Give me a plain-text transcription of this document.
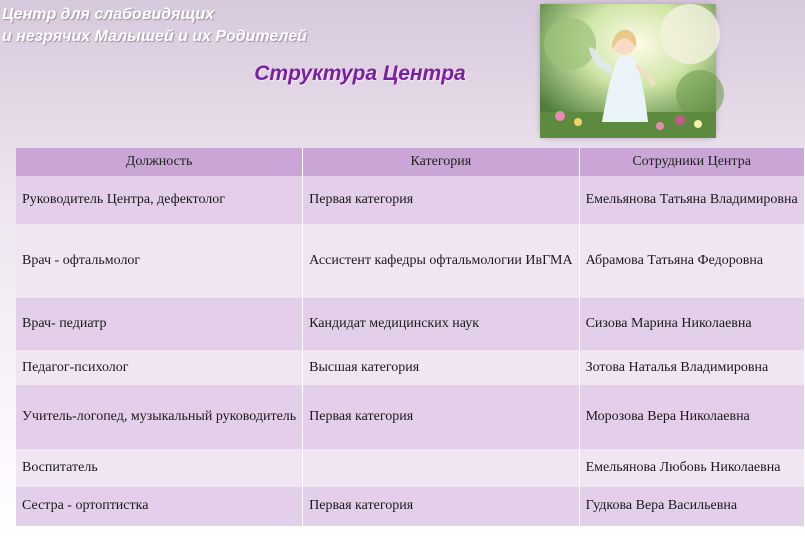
Центр для слабовидящих
и незрячих Малышей и их Родителей
Структура Центра
Должность	Категория	Сотрудники Центра
Руководитель Центра, дефектолог	Первая категория	Емельянова Татьяна Владимировна
Врач - офтальмолог	Ассистент кафедры офтальмологии ИвГМА	Абрамова Татьяна Федоровна
Врач- педиатр	Кандидат медицинских наук	Сизова Марина Николаевна
Педагог-психолог	Высшая категория	Зотова Наталья Владимировна
Учитель-логопед, музыкальный руководитель	Первая категория	Морозова Вера Николаевна
Воспитатель		Емельянова Любовь Николаевна
Сестра - ортоптистка	Первая категория	Гудкова Вера Васильевна
